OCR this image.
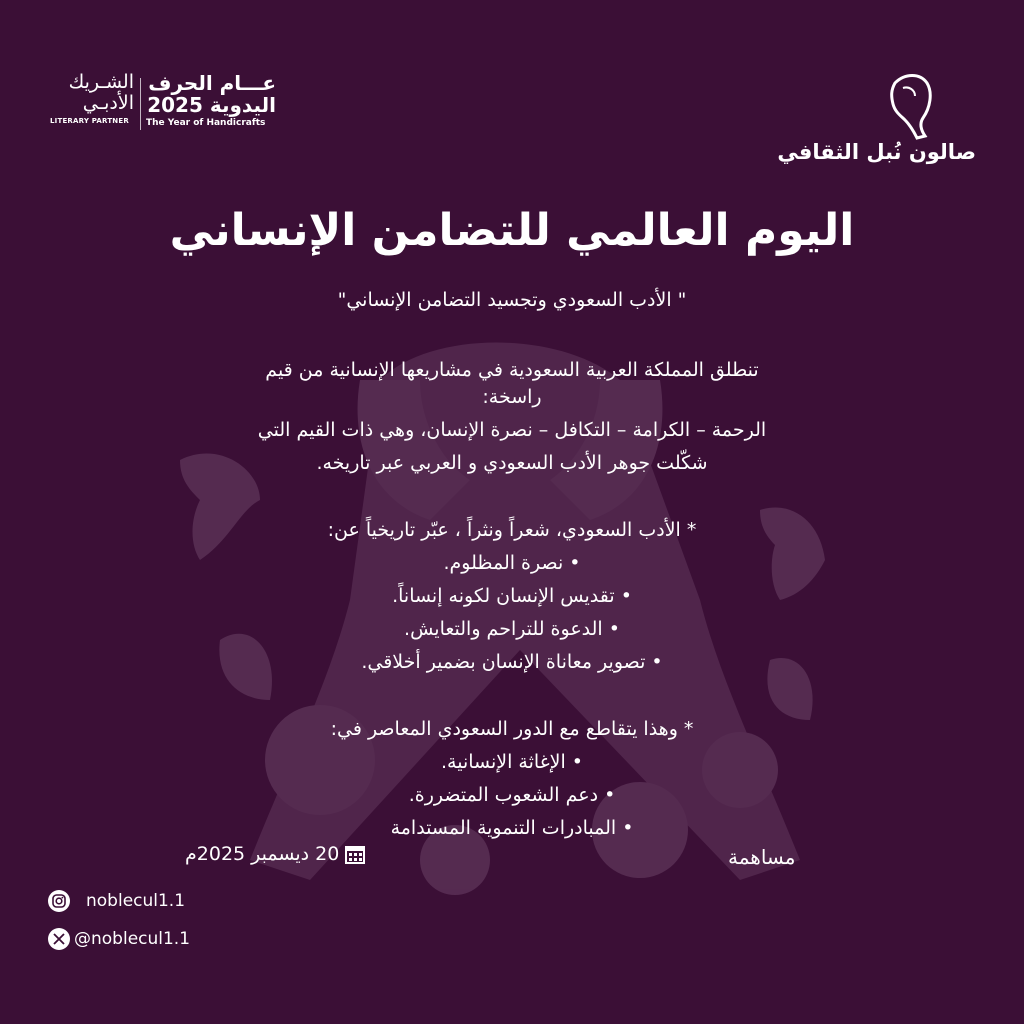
صالون نُبل الثقافي
عـــام الحرف
اليدوية 2025
The Year of Handicrafts
الشـريك
الأدبـي
LITERARY PARTNER
اليوم العالمي للتضامن الإنساني
" الأدب السعودي وتجسيد التضامن الإنساني"

تنطلق المملكة العربية السعودية في مشاريعها الإنسانية من قيم

راسخة:

الرحمة – الكرامة – التكافل – نصرة الإنسان، وهي ذات القيم التي

شكّلت جوهر الأدب السعودي و العربي عبر تاريخه.

* الأدب السعودي، شعراً ونثراً ، عبّر تاريخياً عن:

• نصرة المظلوم.

• تقديس الإنسان لكونه إنساناً.

• الدعوة للتراحم والتعايش.

• تصوير معاناة الإنسان بضمير أخلاقي.

* وهذا يتقاطع مع الدور السعودي المعاصر في:

• الإغاثة الإنسانية.

• دعم الشعوب المتضررة.

• المبادرات التنموية المستدامة

مساهمة
20 ديسمبر 2025م
noblecul1.1
@noblecul1.1
